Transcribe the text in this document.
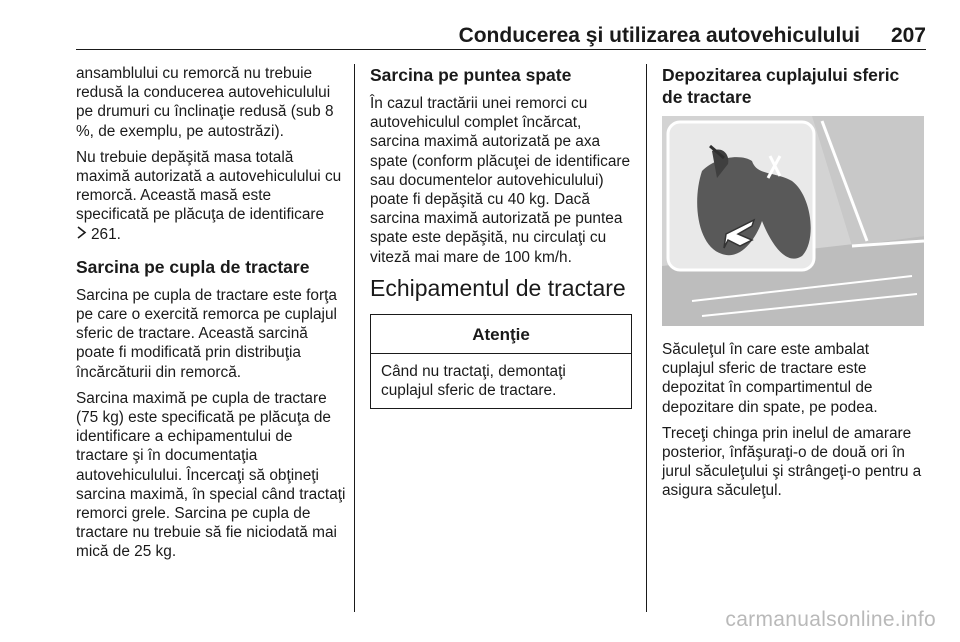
Conducerea şi utilizarea autovehiculului 207

ansamblului cu remorcă nu trebuie redusă la conducerea autovehiculului pe drumuri cu înclinaţie redusă (sub 8 %, de exemplu, pe autostrăzi).

Nu trebuie depăşită masa totală maximă autorizată a autovehiculului cu remorcă. Această masă este specificată pe plăcuţa de identificare
261.

Sarcina pe cupla de tractare

Sarcina pe cupla de tractare este forţa pe care o exercită remorca pe cuplajul sferic de tractare. Această sarcină poate fi modificată prin distribuţia încărcăturii din remorcă.

Sarcina maximă pe cupla de tractare (75 kg) este specificată pe plăcuţa de identificare a echipamentului de tractare şi în documentaţia autovehiculului. Încercaţi să obţineţi sarcina maximă, în special când tractaţi remorci grele. Sarcina pe cupla de tractare nu trebuie să fie niciodată mai mică de 25 kg.

Sarcina pe puntea spate

În cazul tractării unei remorci cu autovehiculul complet încărcat, sarcina maximă autorizată pe axa spate (conform plăcuţei de identificare sau documentelor autovehiculului) poate fi depăşită cu 40 kg. Dacă sarcina maximă autorizată pe puntea spate este depăşită, nu circulaţi cu viteză mai mare de 100 km/h.

Echipamentul de tractare
Atenţie
Când nu tractaţi, demontaţi cuplajul sferic de tractare.
Depozitarea cuplajului sferic de tractare

Săculeţul în care este ambalat cuplajul sferic de tractare este depozitat în compartimentul de depozitare din spate, pe podea.

Treceţi chinga prin inelul de amarare posterior, înfăşuraţi-o de două ori în jurul săculeţului şi strângeţi-o pentru a asigura săculeţul.

carmanualsonline.info
